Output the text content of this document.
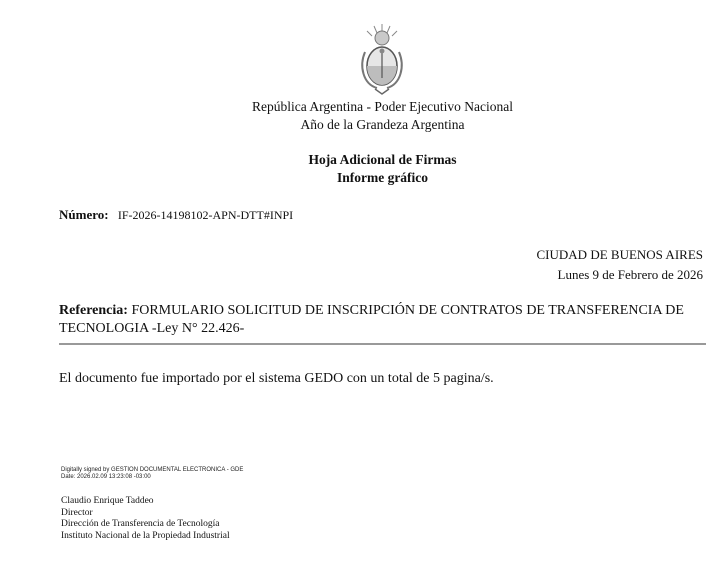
República Argentina - Poder Ejecutivo Nacional
Año de la Grandeza Argentina
Hoja Adicional de Firmas
Informe gráfico
Número: IF-2026-14198102-APN-DTT#INPI
CIUDAD DE BUENOS AIRES
Lunes 9 de Febrero de 2026
Referencia: FORMULARIO SOLICITUD DE INSCRIPCIÓN DE CONTRATOS DE TRANSFERENCIA DE TECNOLOGIA -Ley N° 22.426-
El documento fue importado por el sistema GEDO con un total de 5 pagina/s.
Digitally signed by GESTION DOCUMENTAL ELECTRONICA - GDE
Date: 2026.02.09 13:23:08 -03:00
Claudio Enrique Taddeo
Director
Dirección de Transferencia de Tecnología
Instituto Nacional de la Propiedad Industrial
